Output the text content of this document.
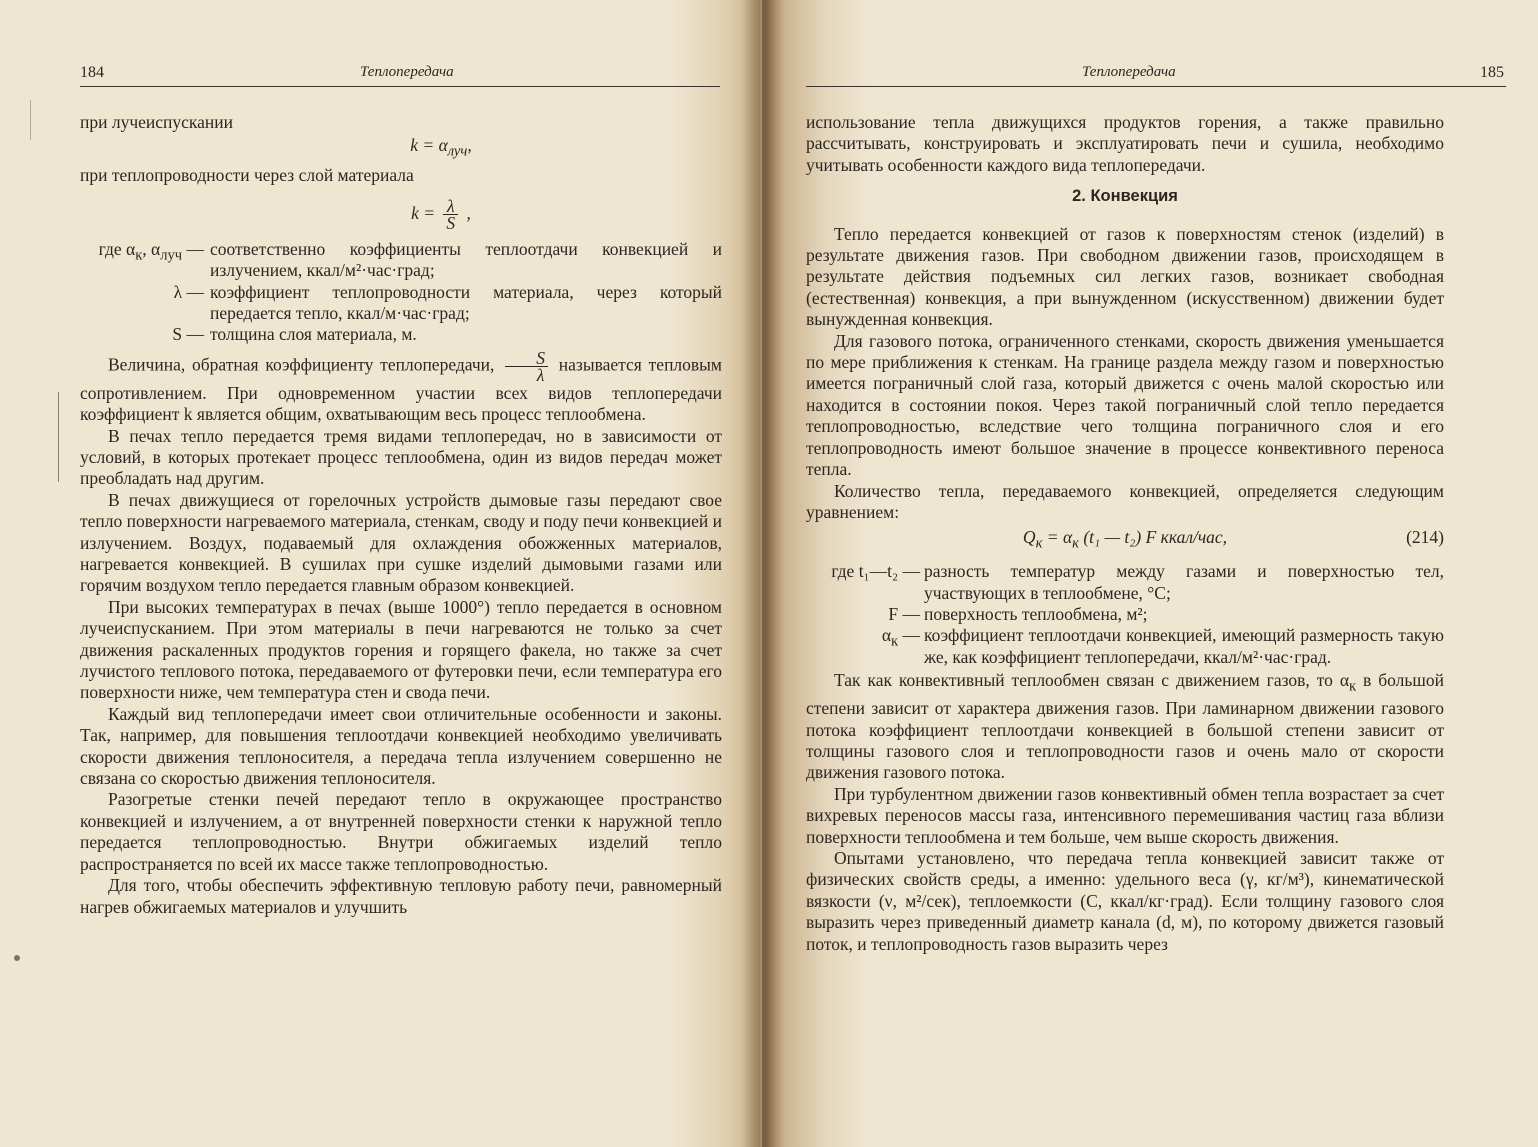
184	Теплопередача

при лучеиспускании

$k = \alpha_{луч}$,

при теплопроводности через слой материала

$k = \frac{\lambda}{S}$ ,
где $\alpha_к$, $\alpha_{луч}$ — соответственно коэффициенты теплоотдачи конвекцией и излучением, ккал/м²·час·град;
λ — коэффициент теплопроводности материала, через который передается тепло, ккал/м·час·град;
S — толщина слоя материала, м.

Величина, обратная коэффициенту теплопередачи, $\frac{S}{\lambda}$ называется тепловым сопротивлением. При одновременном участии всех видов теплопередачи коэффициент k является общим, охватывающим весь процесс теплообмена.

В печах тепло передается тремя видами теплопередач, но в зависимости от условий, в которых протекает процесс теплообмена, один из видов передач может преобладать над другим.

В печах движущиеся от горелочных устройств дымовые газы передают свое тепло поверхности нагреваемого материала, стенкам, своду и поду печи конвекцией и излучением. Воздух, подаваемый для охлаждения обожженных материалов, нагревается конвекцией. В сушилах при сушке изделий дымовыми газами или горячим воздухом тепло передается главным образом конвекцией.

При высоких температурах в печах (выше 1000°) тепло передается в основном лучеиспусканием. При этом материалы в печи нагреваются не только за счет движения раскаленных продуктов горения и горящего факела, но также за счет лучистого теплового потока, передаваемого от футеровки печи, если температура его поверхности ниже, чем температура стен и свода печи.

Каждый вид теплопередачи имеет свои отличительные особенности и законы. Так, например, для повышения теплоотдачи конвекцией необходимо увеличивать скорости движения теплоносителя, а передача тепла излучением совершенно не связана со скоростью движения теплоносителя.

Разогретые стенки печей передают тепло в окружающее пространство конвекцией и излучением, а от внутренней поверхности стенки к наружной тепло передается теплопроводностью. Внутри обжигаемых изделий тепло распространяется по всей их массе также теплопроводностью.

Для того, чтобы обеспечить эффективную тепловую работу печи, равномерный нагрев обжигаемых материалов и улучшить

Теплопередача	185

использование тепла движущихся продуктов горения, а также правильно рассчитывать, конструировать и эксплуатировать печи и сушила, необходимо учитывать особенности каждого вида теплопередачи.

2. Конвекция

Тепло передается конвекцией от газов к поверхностям стенок (изделий) в результате движения газов. При свободном движении газов, происходящем в результате действия подъемных сил легких газов, возникает свободная (естественная) конвекция, а при вынужденном (искусственном) движении будет вынужденная конвекция.

Для газового потока, ограниченного стенками, скорость движения уменьшается по мере приближения к стенкам. На границе раздела между газом и поверхностью имеется пограничный слой газа, который движется с очень малой скоростью или находится в состоянии покоя. Через такой пограничный слой тепло передается теплопроводностью, вследствие чего толщина пограничного слоя и его теплопроводность имеют большое значение в процессе конвективного переноса тепла.

Количество тепла, передаваемого конвекцией, определяется следующим уравнением:

$Q_к = \alpha_к$ (t₁ — t₂) F ккал/час,	(214)
где t₁—t₂ — разность температур между газами и поверхностью тел, участвующих в теплообмене, °С;
F — поверхность теплообмена, м²;
$\alpha_к$ — коэффициент теплоотдачи конвекцией, имеющий размерность такую же, как коэффициент теплопередачи, ккал/м²·час·град.

Так как конвективный теплообмен связан с движением газов, то $\alpha_к$ в большой степени зависит от характера движения газов. При ламинарном движении газового потока коэффициент теплоотдачи конвекцией в большой степени зависит от толщины газового слоя и теплопроводности газов и очень мало от скорости движения газового потока.

При турбулентном движении газов конвективный обмен тепла возрастает за счет вихревых переносов массы газа, интенсивного перемешивания частиц газа вблизи поверхности теплообмена и тем больше, чем выше скорость движения.

Опытами установлено, что передача тепла конвекцией зависит также от физических свойств среды, а именно: удельного веса (γ, кг/м³), кинематической вязкости (ν, м²/сек), теплоемкости (С, ккал/кг·град). Если толщину газового слоя выразить через приведенный диаметр канала (d, м), по которому движется газовый поток, и теплопроводность газов выразить через
